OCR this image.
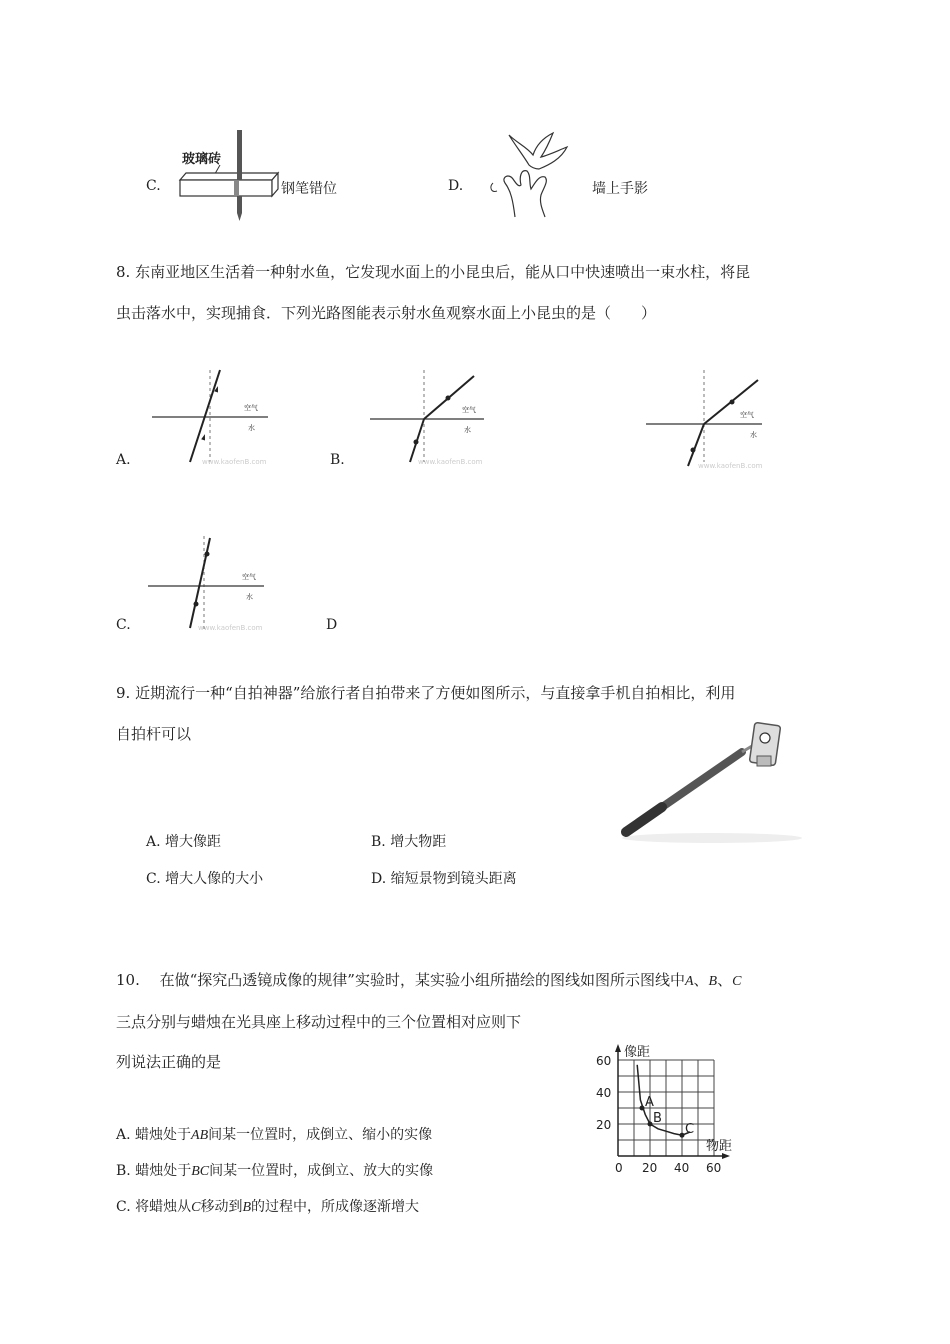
C.
玻璃砖
钢笔错位	D.	墙上手影
8. 东南亚地区生活着一种射水鱼，它发现水面上的小昆虫后，能从口中快速喷出一束水柱，将昆
虫击落水中，实现捕食．下列光路图能表示射水鱼观察水面上小昆虫的是（　　）
空气
水
www.kaofenB.com
A.
空气
水
www.kaofenB.com
B.
空气
水
www.kaofenB.com
空气
水
www.kaofenB.com
C.	D
9. 近期流行一种“自拍神器”给旅行者自拍带来了方便如图所示，与直接拿手机自拍相比，利用
自拍杆可以
A. 增大像距	B. 增大物距
C. 增大人像的大小	D. 缩短景物到镜头距离
10.　 在做“探究凸透镜成像的规律”实验时，某实验小组所描绘的图线如图所示图线中A、B、C
三点分别与蜡烛在光具座上移动过程中的三个位置相对应则下
列说法正确的是
A. 蜡烛处于AB间某一位置时，成倒立、缩小的实像
B. 蜡烛处于BC间某一位置时，成倒立、放大的实像
C. 将蜡烛从C移动到B的过程中，所成像逐渐增大
0 20 40 60
20
40
60
A
B
C
物距
像距
